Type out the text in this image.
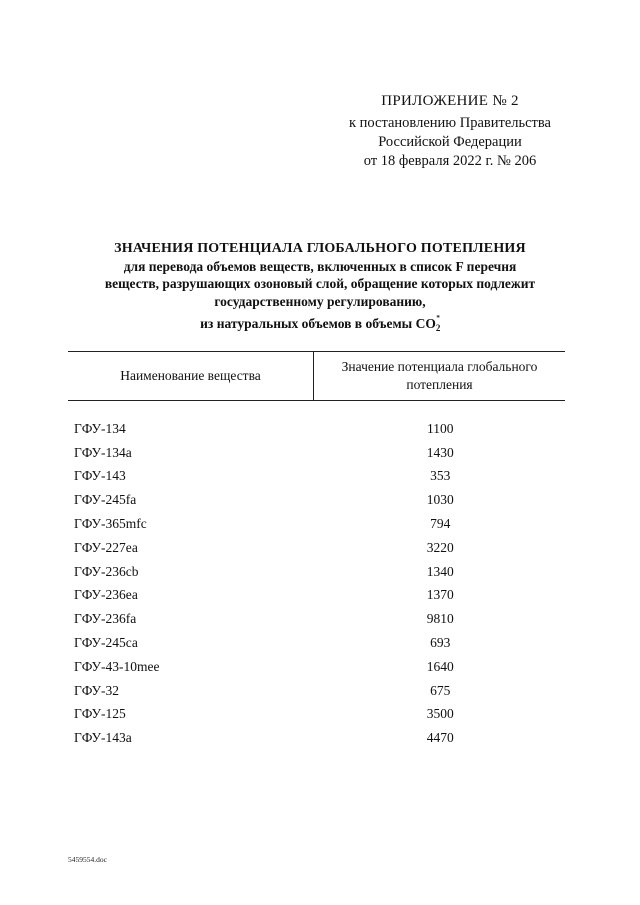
ПРИЛОЖЕНИЕ № 2
к постановлению Правительства
Российской Федерации
от 18 февраля 2022 г. № 206
ЗНАЧЕНИЯ ПОТЕНЦИАЛА ГЛОБАЛЬНОГО ПОТЕПЛЕНИЯ
для перевода объемов веществ, включенных в список F перечня
веществ, разрушающих озоновый слой, обращение которых подлежит
государственному регулированию,
из натуральных объемов в объемы $CO_2^*$
Наименование вещества	Значение потенциала глобального потепления

ГФУ-134	1100
ГФУ-134а	1430
ГФУ-143	353
ГФУ-245fa	1030
ГФУ-365mfc	794
ГФУ-227еа	3220
ГФУ-236cb	1340
ГФУ-236еа	1370
ГФУ-236fa	9810
ГФУ-245са	693
ГФУ-43-10mee	1640
ГФУ-32	675
ГФУ-125	3500
ГФУ-143а	4470
5459554.doc
